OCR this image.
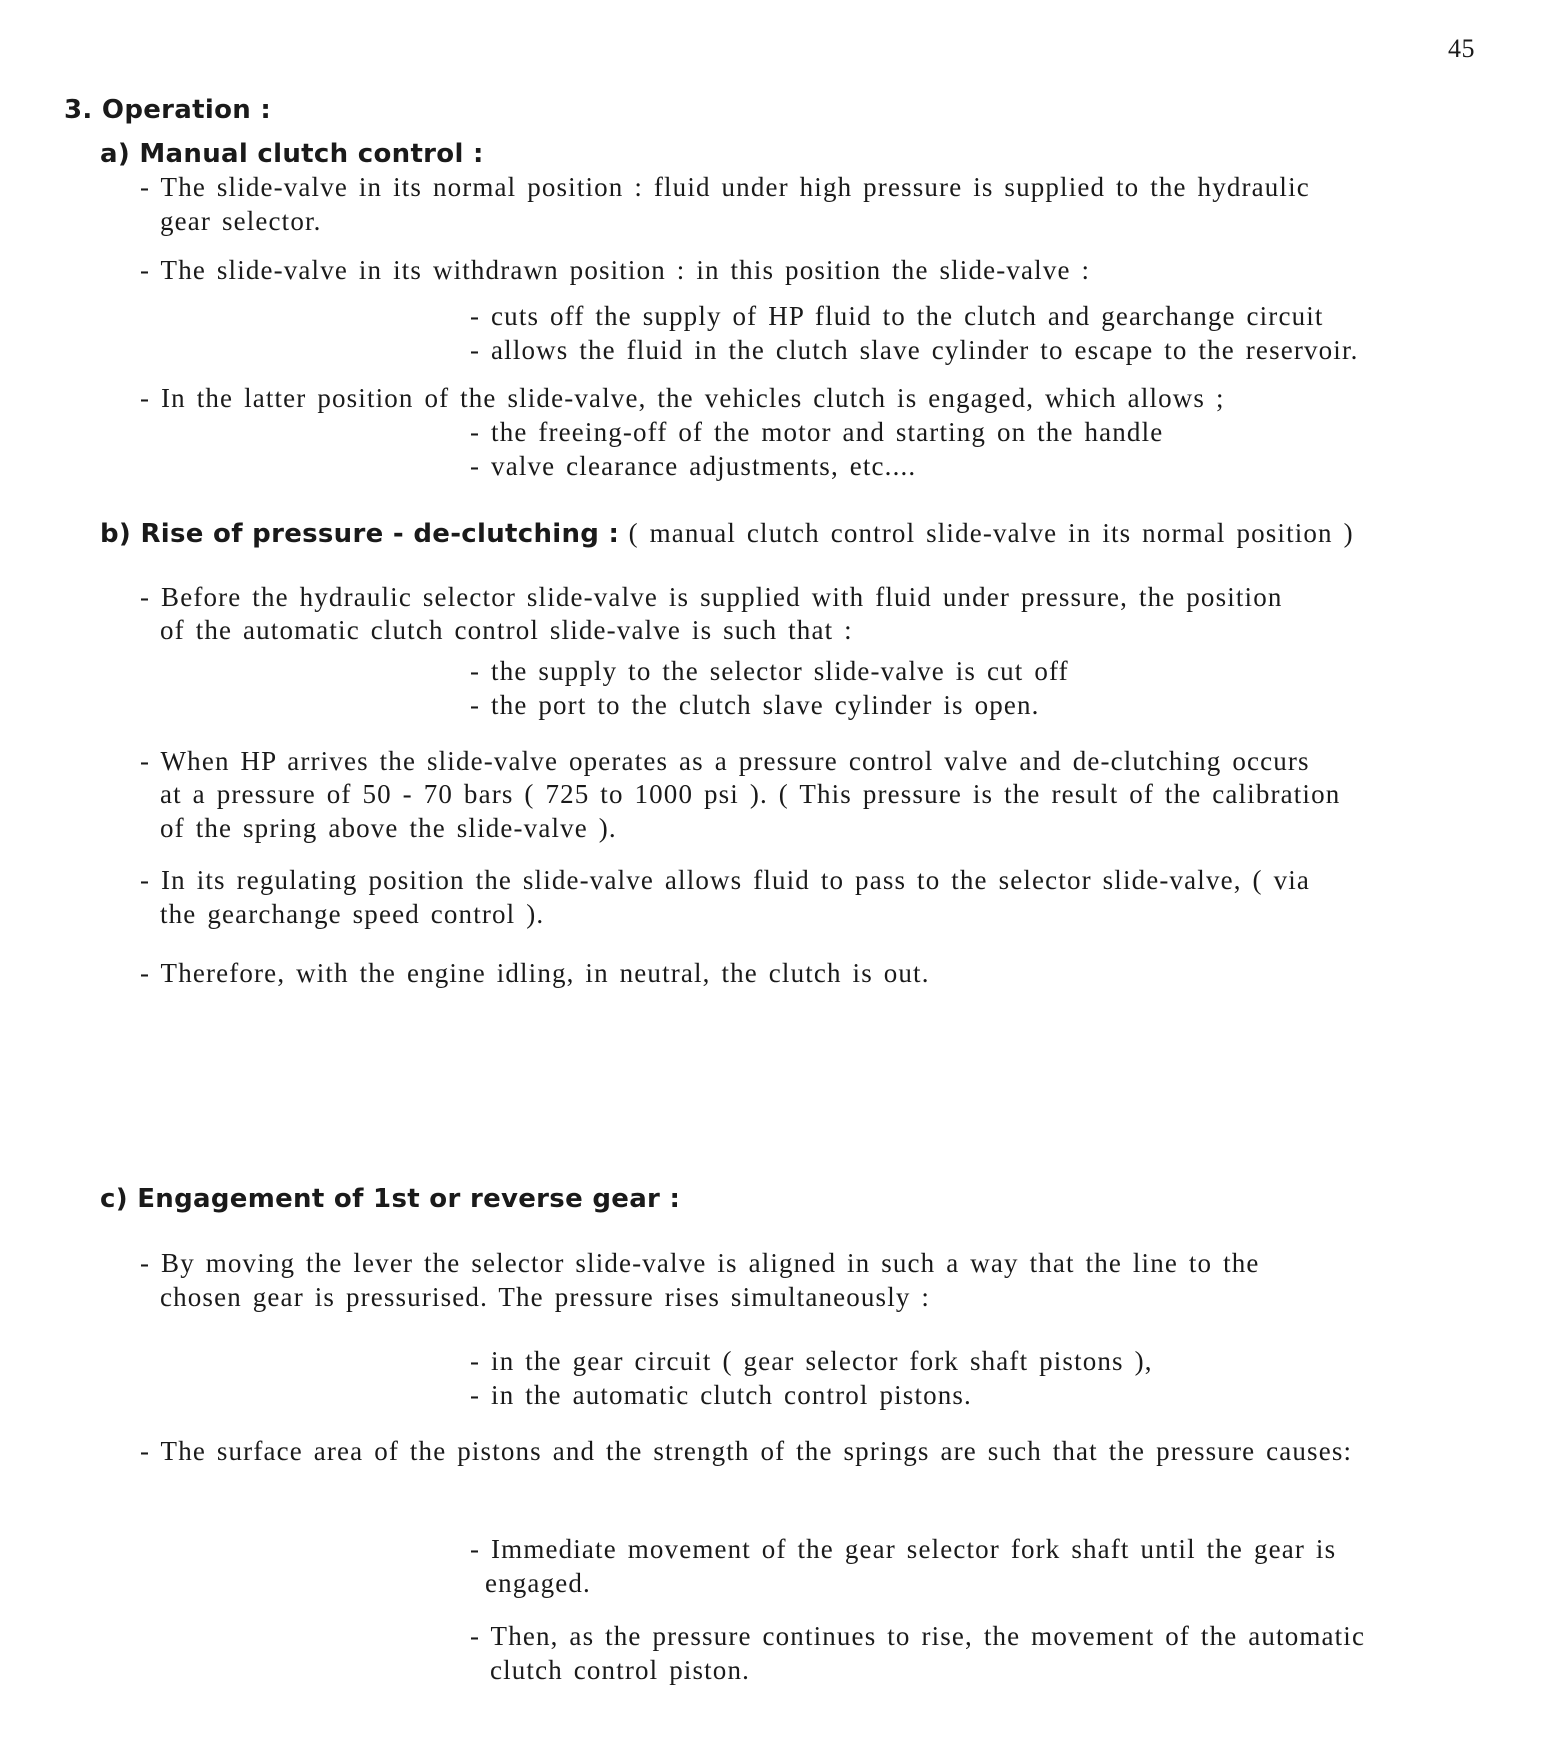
45
3. Operation :
a) Manual clutch control :
- The slide-valve in its normal position : fluid under high pressure is supplied to the hydraulic
gear selector.
- The slide-valve in its withdrawn position : in this position the slide-valve :
- cuts off the supply of HP fluid to the clutch and gearchange circuit
- allows the fluid in the clutch slave cylinder to escape to the reservoir.
- In the latter position of the slide-valve, the vehicles clutch is engaged, which allows ;
- the freeing-off of the motor and starting on the handle
- valve clearance adjustments, etc....
b) Rise of pressure - de-clutching : ( manual clutch control slide-valve in its normal position )
- Before the hydraulic selector slide-valve is supplied with fluid under pressure, the position
of the automatic clutch control slide-valve is such that :
- the supply to the selector slide-valve is cut off
- the port to the clutch slave cylinder is open.
- When HP arrives the slide-valve operates as a pressure control valve and de-clutching occurs
at a pressure of 50 - 70 bars ( 725 to 1000 psi ). ( This pressure is the result of the calibration
of the spring above the slide-valve ).
- In its regulating position the slide-valve allows fluid to pass to the selector slide-valve, ( via
the gearchange speed control ).
- Therefore, with the engine idling, in neutral, the clutch is out.
c) Engagement of 1st or reverse gear :
- By moving the lever the selector slide-valve is aligned in such a way that the line to the
chosen gear is pressurised. The pressure rises simultaneously :
- in the gear circuit ( gear selector fork shaft pistons ),
- in the automatic clutch control pistons.
- The surface area of the pistons and the strength of the springs are such that the pressure causes:
- Immediate movement of the gear selector fork shaft until the gear is
engaged.
- Then, as the pressure continues to rise, the movement of the automatic
clutch control piston.
